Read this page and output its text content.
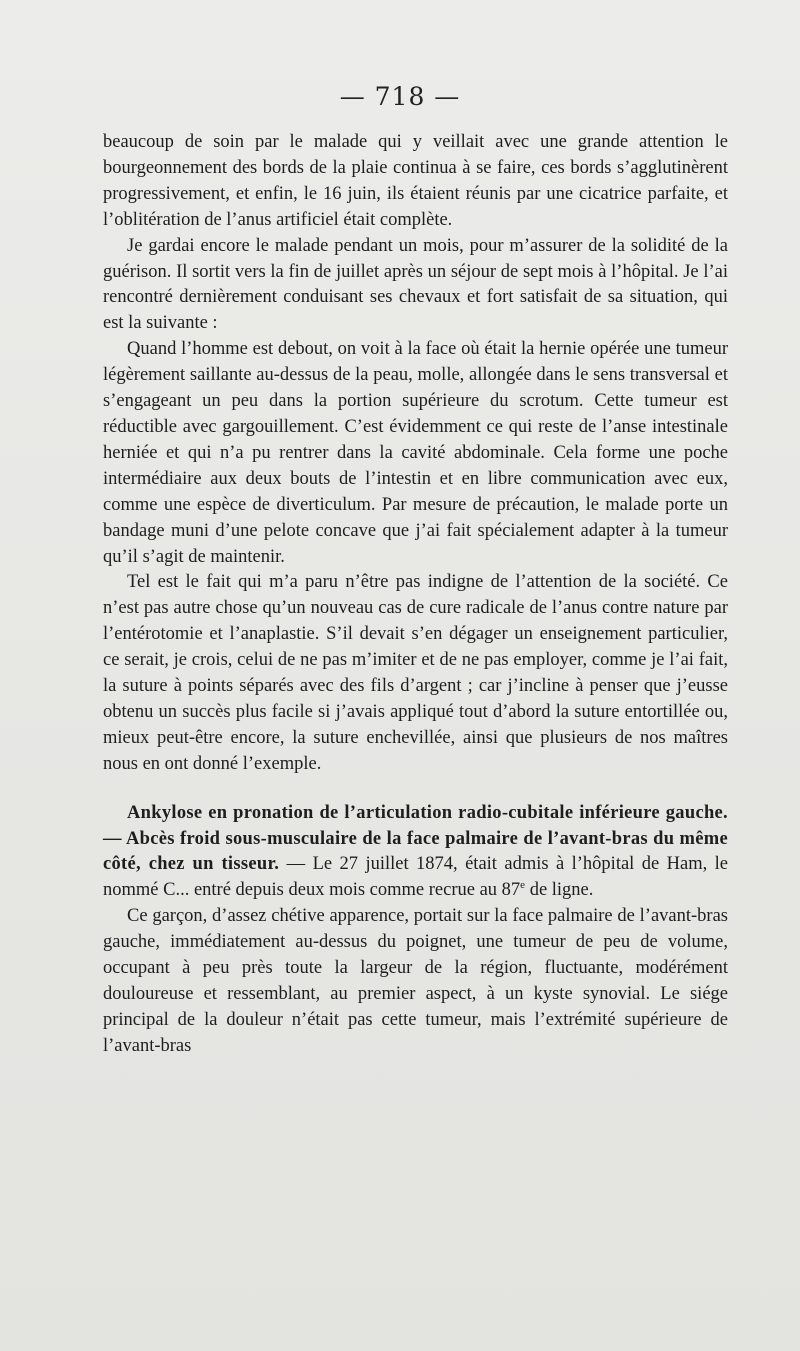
— 718 —

beaucoup de soin par le malade qui y veillait avec une grande attention le bourgeonnement des bords de la plaie continua à se faire, ces bords s’agglutinèrent progressivement, et enfin, le 16 juin, ils étaient réunis par une cicatrice parfaite, et l’oblitération de l’anus artificiel était complète.

Je gardai encore le malade pendant un mois, pour m’assurer de la solidité de la guérison. Il sortit vers la fin de juillet après un séjour de sept mois à l’hôpital. Je l’ai rencontré dernièrement conduisant ses chevaux et fort satisfait de sa situation, qui est la suivante :

Quand l’homme est debout, on voit à la face où était la hernie opérée une tumeur légèrement saillante au-dessus de la peau, molle, allongée dans le sens transversal et s’engageant un peu dans la portion supérieure du scrotum. Cette tumeur est réductible avec gargouillement. C’est évidemment ce qui reste de l’anse intestinale herniée et qui n’a pu rentrer dans la cavité abdominale. Cela forme une poche intermédiaire aux deux bouts de l’intestin et en libre communication avec eux, comme une espèce de diverticulum. Par mesure de précaution, le malade porte un bandage muni d’une pelote concave que j’ai fait spécialement adapter à la tumeur qu’il s’agit de maintenir.

Tel est le fait qui m’a paru n’être pas indigne de l’attention de la société. Ce n’est pas autre chose qu’un nouveau cas de cure radicale de l’anus contre nature par l’entérotomie et l’anaplastie. S’il devait s’en dégager un enseignement particulier, ce serait, je crois, celui de ne pas m’imiter et de ne pas employer, comme je l’ai fait, la suture à points séparés avec des fils d’argent ; car j’incline à penser que j’eusse obtenu un succès plus facile si j’avais appliqué tout d’abord la suture entortillée ou, mieux peut-être encore, la suture enchevillée, ainsi que plusieurs de nos maîtres nous en ont donné l’exemple.

Ankylose en pronation de l’articulation radio-cubitale inférieure gauche. — Abcès froid sous-musculaire de la face palmaire de l’avant-bras du même côté, chez un tisseur. — Le 27 juillet 1874, était admis à l’hôpital de Ham, le nommé C... entré depuis deux mois comme recrue au 87e de ligne.

Ce garçon, d’assez chétive apparence, portait sur la face palmaire de l’avant-bras gauche, immédiatement au-dessus du poignet, une tumeur de peu de volume, occupant à peu près toute la largeur de la région, fluctuante, modérément douloureuse et ressemblant, au premier aspect, à un kyste synovial. Le siége principal de la douleur n’était pas cette tumeur, mais l’extrémité supérieure de l’avant-bras
